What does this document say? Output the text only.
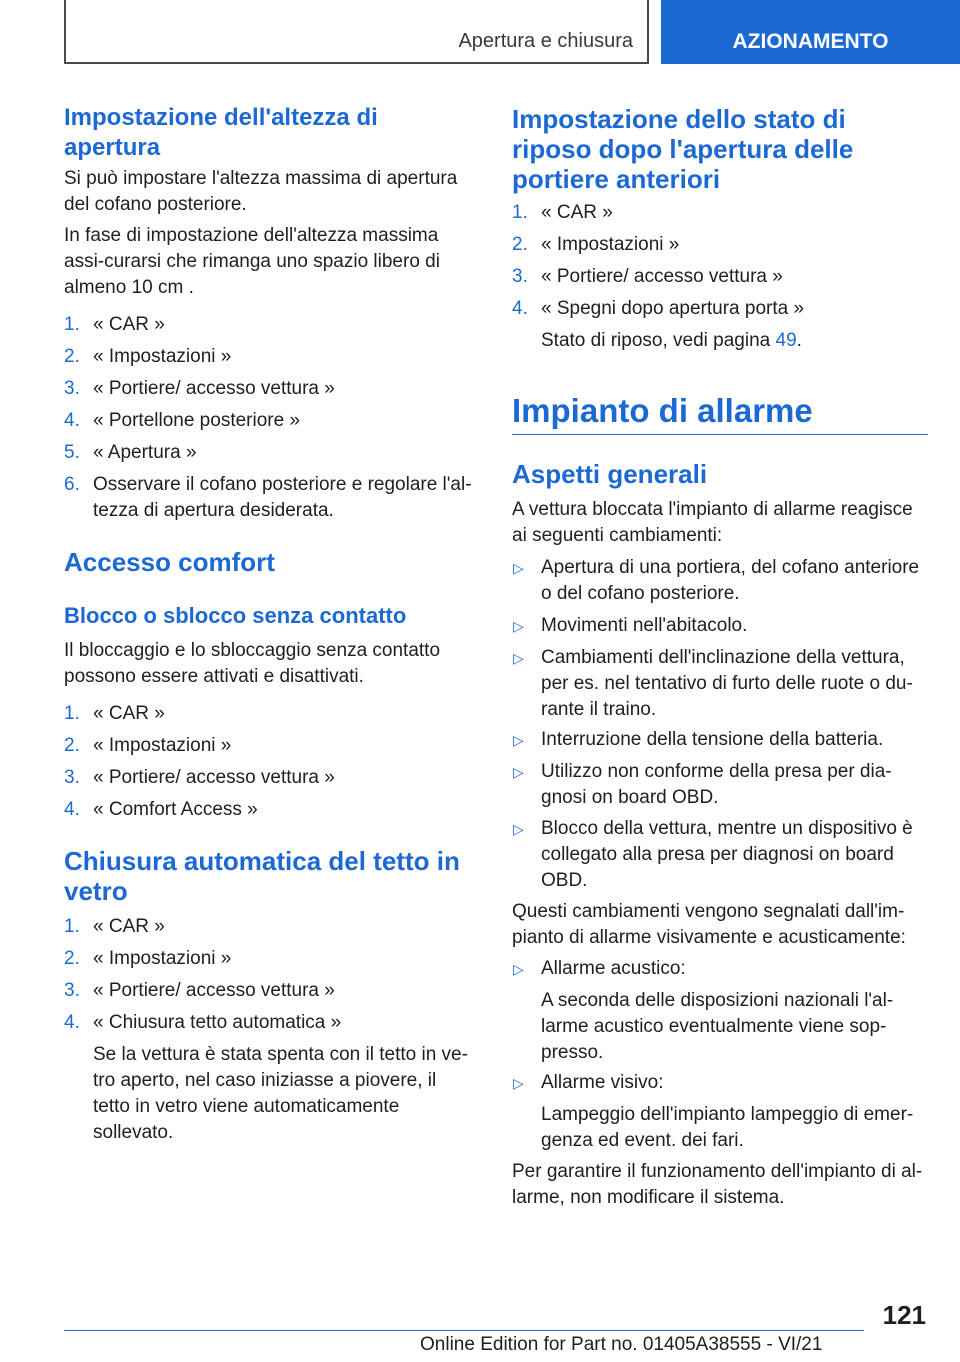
Apertura e chiusura	AZIONAMENTO
Impostazione dell'altezza di apertura

Si può impostare l'altezza massima di apertura del cofano posteriore.

In fase di impostazione dell'altezza massima assi-curarsi che rimanga uno spazio libero di almeno 10 cm .

1. « CAR »

2. « Impostazioni »

3. « Portiere/ accesso vettura »

4. « Portellone posteriore »

5. « Apertura »

6. Osservare il cofano posteriore e regolare l'al-tezza di apertura desiderata.

Accesso comfort
Blocco o sblocco senza contatto

Il bloccaggio e lo sbloccaggio senza contatto possono essere attivati e disattivati.

1. « CAR »

2. « Impostazioni »

3. « Portiere/ accesso vettura »

4. « Comfort Access »

Chiusura automatica del tetto in vetro
1. « CAR »

2. « Impostazioni »

3. « Portiere/ accesso vettura »

4. « Chiusura tetto automatica »

Se la vettura è stata spenta con il tetto in ve-tro aperto, nel caso iniziasse a piovere, il tetto in vetro viene automaticamente sollevato.

Impostazione dello stato di riposo dopo l'apertura delle portiere anteriori
1. « CAR »

2. « Impostazioni »

3. « Portiere/ accesso vettura »

4. « Spegni dopo apertura porta »

Stato di riposo, vedi pagina 49.

Impianto di allarme
Aspetti generali

A vettura bloccata l'impianto di allarme reagisce ai seguenti cambiamenti:

▷ Apertura di una portiera, del cofano anteriore o del cofano posteriore.

▷ Movimenti nell'abitacolo.

▷ Cambiamenti dell'inclinazione della vettura, per es. nel tentativo di furto delle ruote o du-rante il traino.

▷ Interruzione della tensione della batteria.

▷ Utilizzo non conforme della presa per dia-gnosi on board OBD.

▷ Blocco della vettura, mentre un dispositivo è collegato alla presa per diagnosi on board OBD.

Questi cambiamenti vengono segnalati dall'im-pianto di allarme visivamente e acusticamente:

▷ Allarme acustico:

A seconda delle disposizioni nazionali l'al-larme acustico eventualmente viene sop-presso.

▷ Allarme visivo:

Lampeggio dell'impianto lampeggio di emer-genza ed event. dei fari.

Per garantire il funzionamento dell'impianto di al-larme, non modificare il sistema.

121
Online Edition for Part no. 01405A38555 - VI/21
